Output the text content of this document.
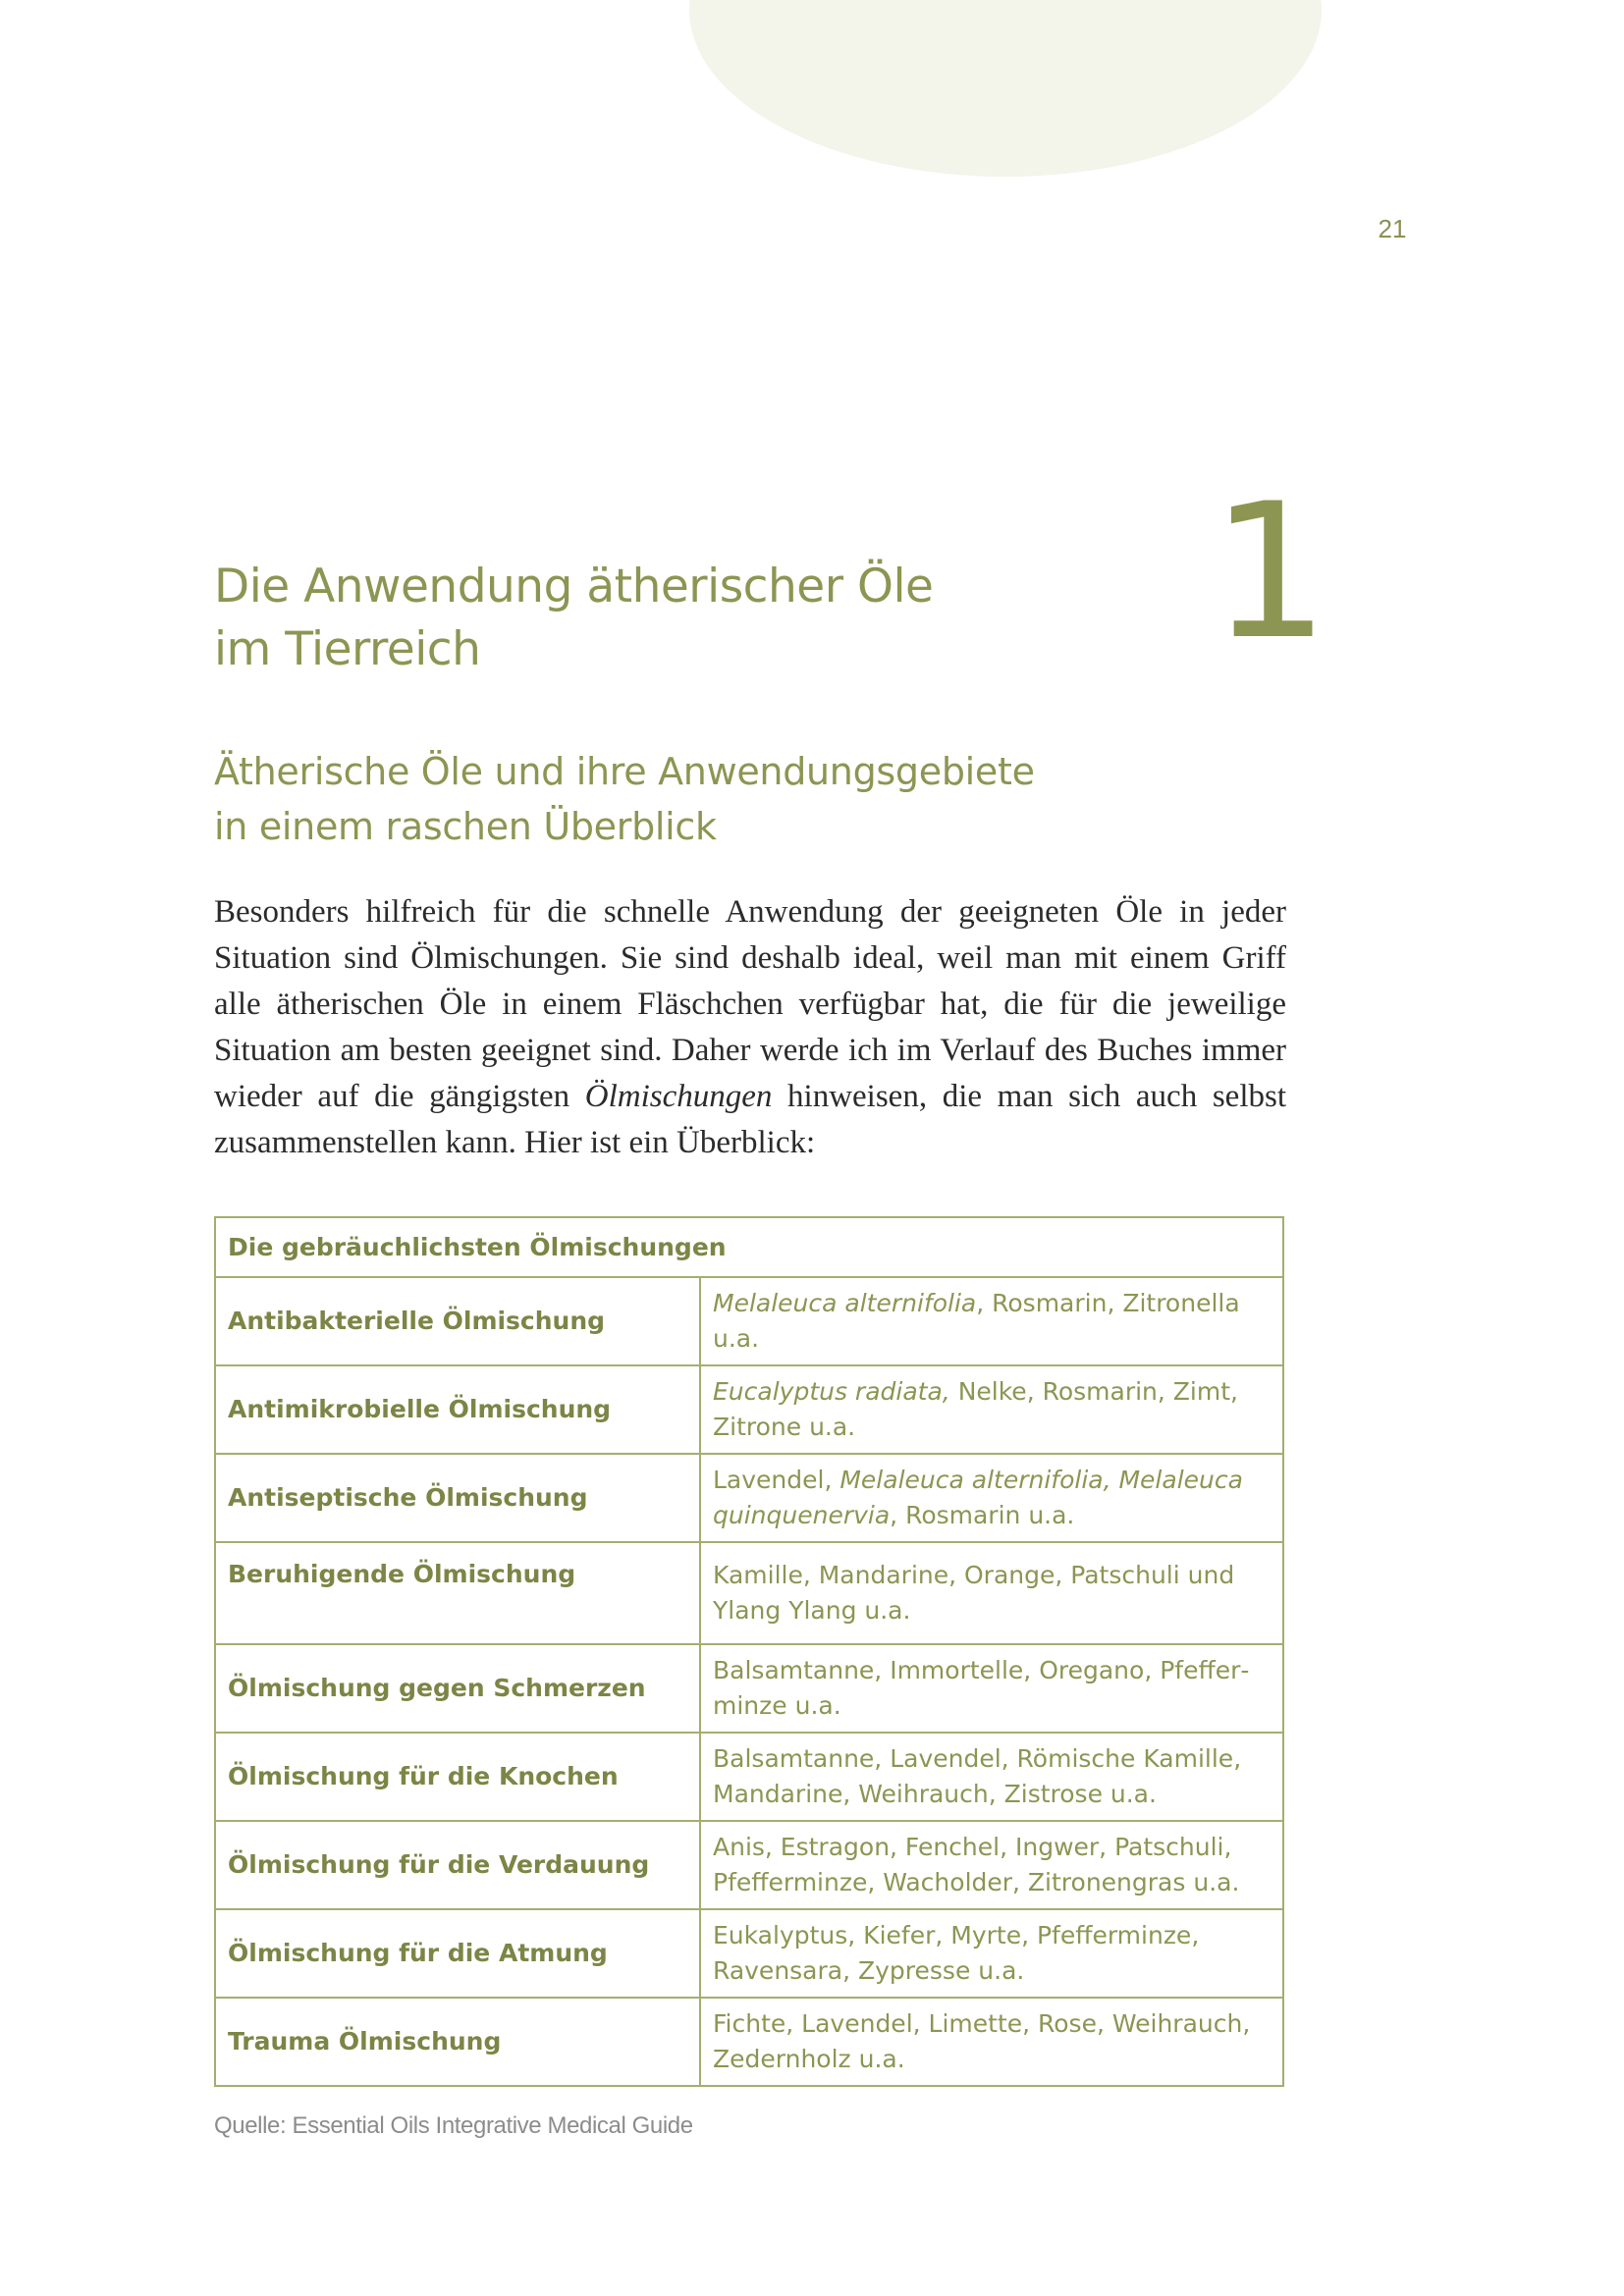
21
1
Die Anwendung ätherischer Öle
im Tierreich
Ätherische Öle und ihre Anwendungsgebiete
in einem raschen Überblick

Besonders hilfreich für die schnelle Anwendung der geeigneten Öle in jeder Situation sind Ölmischungen. Sie sind deshalb ideal, weil man mit einem Griff alle ätherischen Öle in einem Fläschchen verfügbar hat, die für die jeweilige Situation am besten geeignet sind. Daher werde ich im Verlauf des Buches immer wieder auf die gängigsten Ölmischungen hinweisen, die man sich auch selbst zusammenstellen kann. Hier ist ein Überblick:

Die gebräuchlichsten Ölmischungen	
Antibakterielle Ölmischung	Melaleuca alternifolia, Rosmarin, Zitronella u.a.
Antimikrobielle Ölmischung	Eucalyptus radiata, Nelke, Rosmarin, Zimt, Zitrone u.a.
Antiseptische Ölmischung	Lavendel, Melaleuca alternifolia, Melaleuca quinquenervia, Rosmarin u.a.
Beruhigende Ölmischung	Kamille, Mandarine, Orange, Patschuli und Ylang Ylang u.a.
Ölmischung gegen Schmerzen	Balsamtanne, Immortelle, Oregano, Pfefferminze u.a.
Ölmischung für die Knochen	Balsamtanne, Lavendel, Römische Kamille, Mandarine, Weihrauch, Zistrose u.a.
Ölmischung für die Verdauung	Anis, Estragon, Fenchel, Ingwer, Patschuli, Pfefferminze, Wacholder, Zitronengras u.a.
Ölmischung für die Atmung	Eukalyptus, Kiefer, Myrte, Pfefferminze, Ravensara, Zypresse u.a.
Trauma Ölmischung	Fichte, Lavendel, Limette, Rose, Weihrauch, Zedernholz u.a.
Quelle: Essential Oils Integrative Medical Guide
